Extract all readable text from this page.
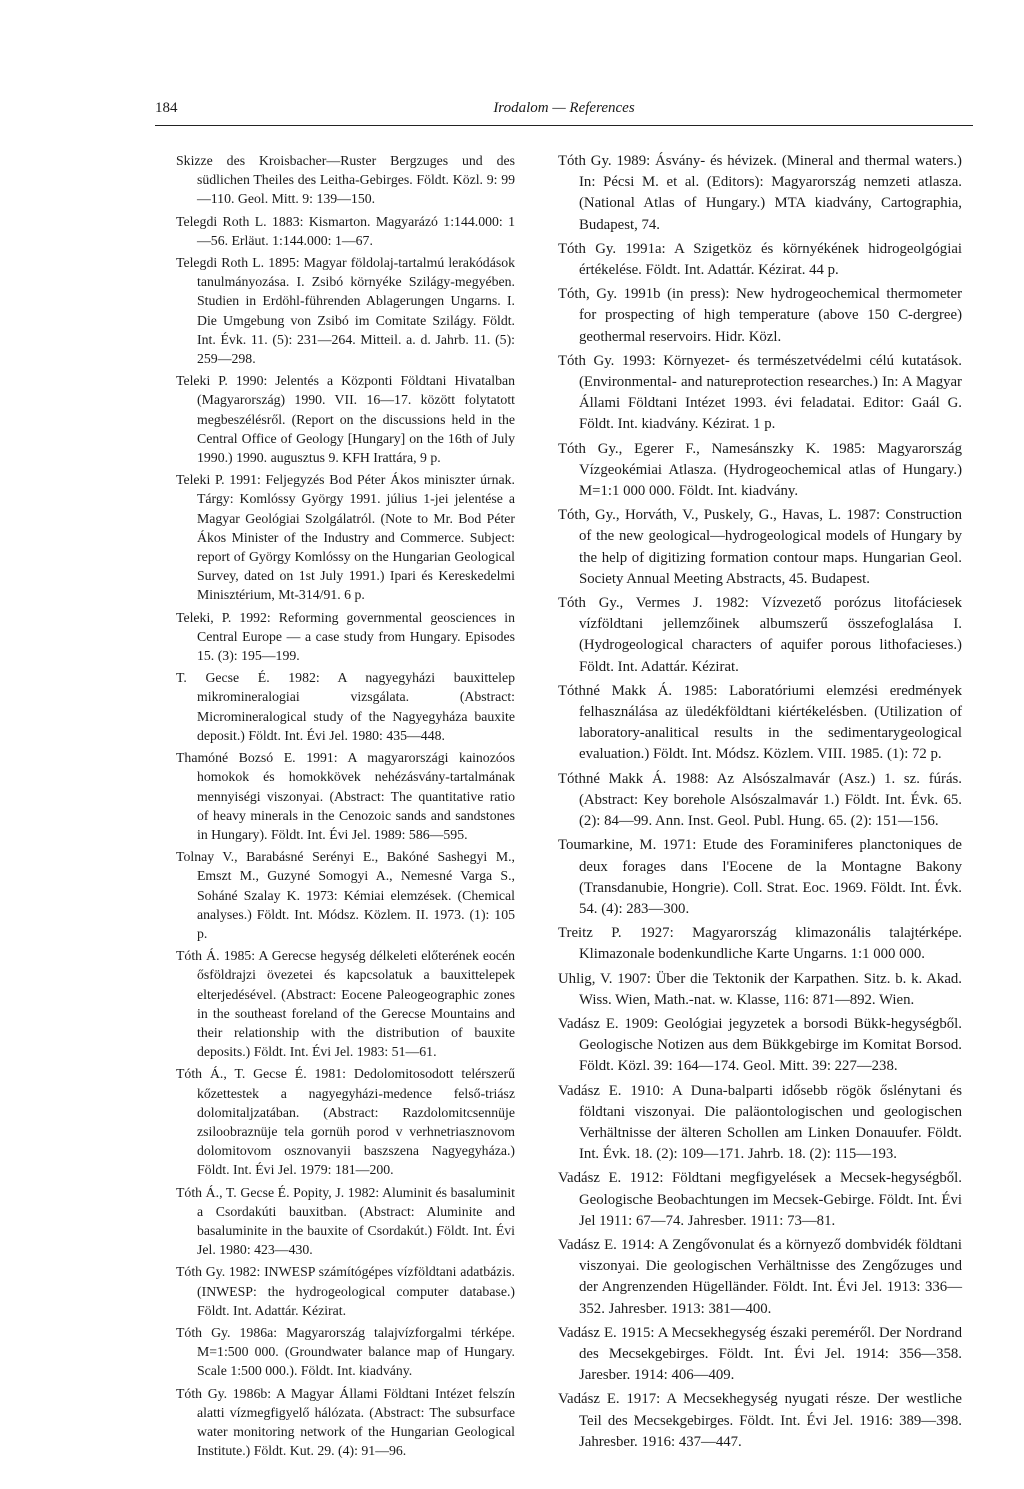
184	Irodalom — References

Skizze des Kroisbacher—Ruster Bergzuges und des südlichen Theiles des Leitha-Gebirges. Földt. Közl. 9: 99—110. Geol. Mitt. 9: 139—150.

Telegdi Roth L. 1883: Kismarton. Magyarázó 1:144.000: 1—56. Erläut. 1:144.000: 1—67.

Telegdi Roth L. 1895: Magyar földolaj-tartalmú lerakódások tanulmányozása. I. Zsibó környéke Szilágy-megyében. Studien in Erdöhl-führenden Ablagerungen Ungarns. I. Die Umgebung von Zsibó im Comitate Szilágy. Földt. Int. Évk. 11. (5): 231—264. Mitteil. a. d. Jahrb. 11. (5): 259—298.

Teleki P. 1990: Jelentés a Központi Földtani Hivatalban (Magyarország) 1990. VII. 16—17. között folytatott megbeszélésről. (Report on the discussions held in the Central Office of Geology [Hungary] on the 16th of July 1990.) 1990. augusztus 9. KFH Irattára, 9 p.

Teleki P. 1991: Feljegyzés Bod Péter Ákos miniszter úrnak. Tárgy: Komlóssy György 1991. július 1-jei jelentése a Magyar Geológiai Szolgálatról. (Note to Mr. Bod Péter Ákos Minister of the Industry and Commerce. Subject: report of György Komlóssy on the Hungarian Geological Survey, dated on 1st July 1991.) Ipari és Kereskedelmi Minisztérium, Mt-314/91. 6 p.

Teleki, P. 1992: Reforming governmental geosciences in Central Europe — a case study from Hungary. Episodes 15. (3): 195—199.

T. Gecse É. 1982: A nagyegyházi bauxittelep mikromineralogiai vizsgálata. (Abstract: Micromineralogical study of the Nagyegyháza bauxite deposit.) Földt. Int. Évi Jel. 1980: 435—448.

Thamóné Bozsó E. 1991: A magyarországi kainozóos homokok és homokkövek nehézásvány-tartalmának mennyiségi viszonyai. (Abstract: The quantitative ratio of heavy minerals in the Cenozoic sands and sandstones in Hungary). Földt. Int. Évi Jel. 1989: 586—595.

Tolnay V., Barabásné Serényi E., Bakóné Sashegyi M., Emszt M., Guzyné Somogyi A., Nemesné Varga S., Soháné Szalay K. 1973: Kémiai elemzések. (Chemical analyses.) Földt. Int. Módsz. Közlem. II. 1973. (1): 105 p.

Tóth Á. 1985: A Gerecse hegység délkeleti előterének eocén ősföldrajzi övezetei és kapcsolatuk a bauxittelepek elterjedésével. (Abstract: Eocene Paleogeographic zones in the southeast foreland of the Gerecse Mountains and their relationship with the distribution of bauxite deposits.) Földt. Int. Évi Jel. 1983: 51—61.

Tóth Á., T. Gecse É. 1981: Dedolomitosodott telérszerű kőzettestek a nagyegyházi-medence felső-triász dolomitaljzatában. (Abstract: Razdolomitcsennüje zsiloobraznüje tela gornüh porod v verhnetriasznovom dolomitovom osznovanyii baszszena Nagyegyháza.) Földt. Int. Évi Jel. 1979: 181—200.

Tóth Á., T. Gecse É. Popity, J. 1982: Aluminit és basaluminit a Csordakúti bauxitban. (Abstract: Aluminite and basaluminite in the bauxite of Csordakút.) Földt. Int. Évi Jel. 1980: 423—430.

Tóth Gy. 1982: INWESP számítógépes vízföldtani adatbázis. (INWESP: the hydrogeological computer database.) Földt. Int. Adattár. Kézirat.

Tóth Gy. 1986a: Magyarország talajvízforgalmi térképe. M=1:500 000. (Groundwater balance map of Hungary. Scale 1:500 000.). Földt. Int. kiadvány.

Tóth Gy. 1986b: A Magyar Állami Földtani Intézet felszín alatti vízmegfigyelő hálózata. (Abstract: The subsurface water monitoring network of the Hungarian Geological Institute.) Földt. Kut. 29. (4): 91—96.

Tóth Gy. 1989: Ásvány- és hévizek. (Mineral and thermal waters.) In: Pécsi M. et al. (Editors): Magyarország nemzeti atlasza. (National Atlas of Hungary.) MTA kiadvány, Cartographia, Budapest, 74.

Tóth Gy. 1991a: A Szigetköz és környékének hidrogeolgógiai értékelése. Földt. Int. Adattár. Kézirat. 44 p.

Tóth, Gy. 1991b (in press): New hydrogeochemical thermometer for prospecting of high temperature (above 150 C-dergree) geothermal reservoirs. Hidr. Közl.

Tóth Gy. 1993: Környezet- és természetvédelmi célú kutatások. (Environmental- and natureprotection researches.) In: A Magyar Állami Földtani Intézet 1993. évi feladatai. Editor: Gaál G. Földt. Int. kiadvány. Kézirat. 1 p.

Tóth Gy., Egerer F., Namesánszky K. 1985: Magyarország Vízgeokémiai Atlasza. (Hydrogeochemical atlas of Hungary.) M=1:1 000 000. Földt. Int. kiadvány.

Tóth, Gy., Horváth, V., Puskely, G., Havas, L. 1987: Construction of the new geological—hydrogeological models of Hungary by the help of digitizing formation contour maps. Hungarian Geol. Society Annual Meeting Abstracts, 45. Budapest.

Tóth Gy., Vermes J. 1982: Vízvezető porózus litofáciesek vízföldtani jellemzőinek albumszerű összefoglalása I. (Hydrogeological characters of aquifer porous lithofacieses.) Földt. Int. Adattár. Kézirat.

Tóthné Makk Á. 1985: Laboratóriumi elemzési eredmények felhasználása az üledékföldtani kiértékelésben. (Utilization of laboratory-analitical results in the sedimentarygeological evaluation.) Földt. Int. Módsz. Közlem. VIII. 1985. (1): 72 p.

Tóthné Makk Á. 1988: Az Alsószalmavár (Asz.) 1. sz. fúrás. (Abstract: Key borehole Alsószalmavár 1.) Földt. Int. Évk. 65. (2): 84—99. Ann. Inst. Geol. Publ. Hung. 65. (2): 151—156.

Toumarkine, M. 1971: Etude des Foraminiferes planctoniques de deux forages dans l'Eocene de la Montagne Bakony (Transdanubie, Hongrie). Coll. Strat. Eoc. 1969. Földt. Int. Évk. 54. (4): 283—300.

Treitz P. 1927: Magyarország klimazonális talajtérképe. Klimazonale bodenkundliche Karte Ungarns. 1:1 000 000.

Uhlig, V. 1907: Über die Tektonik der Karpathen. Sitz. b. k. Akad. Wiss. Wien, Math.-nat. w. Klasse, 116: 871—892. Wien.

Vadász E. 1909: Geológiai jegyzetek a borsodi Bükk-hegységből. Geologische Notizen aus dem Bükkgebirge im Komitat Borsod. Földt. Közl. 39: 164—174. Geol. Mitt. 39: 227—238.

Vadász E. 1910: A Duna-balparti idősebb rögök őslénytani és földtani viszonyai. Die paläontologischen und geologischen Verhältnisse der älteren Schollen am Linken Donauufer. Földt. Int. Évk. 18. (2): 109—171. Jahrb. 18. (2): 115—193.

Vadász E. 1912: Földtani megfigyelések a Mecsek-hegységből. Geologische Beobachtungen im Mecsek-Gebirge. Földt. Int. Évi Jel 1911: 67—74. Jahresber. 1911: 73—81.

Vadász E. 1914: A Zengővonulat és a környező dombvidék földtani viszonyai. Die geologischen Verhältnisse des Zengőzuges und der Angrenzenden Hügelländer. Földt. Int. Évi Jel. 1913: 336—352. Jahresber. 1913: 381—400.

Vadász E. 1915: A Mecsekhegység északi pereméről. Der Nordrand des Mecsekgebirges. Földt. Int. Évi Jel. 1914: 356—358. Jaresber. 1914: 406—409.

Vadász E. 1917: A Mecsekhegység nyugati része. Der westliche Teil des Mecsekgebirges. Földt. Int. Évi Jel. 1916: 389—398. Jahresber. 1916: 437—447.
